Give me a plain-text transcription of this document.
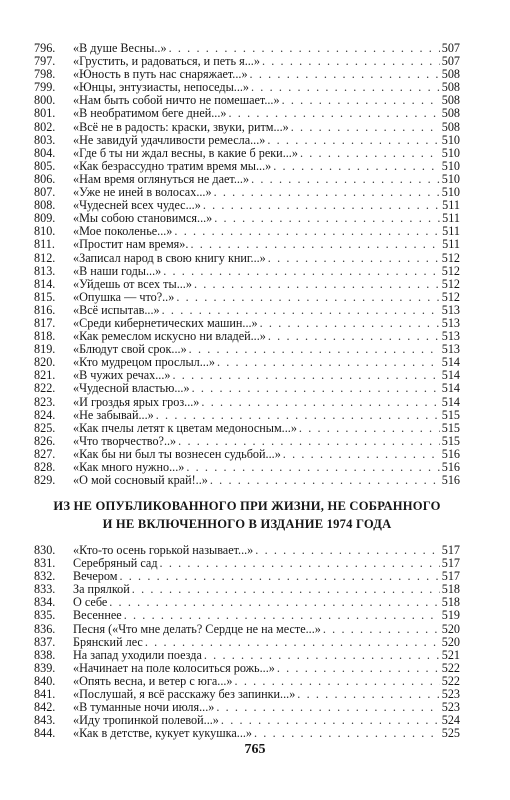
796.	«В душе Весны..» . . .	507
797.	«Грустить, и радоваться, и петь я...» . . .	507
798.	«Юность в путь нас снаряжает...» . . .	508
799.	«Юнцы, энтузиасты, непоседы...» . . .	508
800.	«Нам быть собой ничто не помешает...» . . .	508
801.	«В необратимом беге дней...» . . .	508
802.	«Всё не в радость: краски, звуки, ритм...» . . .	508
803.	«Не завидуй удачливости ремесла...» . . .	510
804.	«Где б ты ни ждал весны, в какие б реки...» . . .	510
805.	«Как безрассудно тратим время мы...» . . .	510
806.	«Нам время оглянуться не дает...» . . .	510
807.	«Уже не иней в волосах...» . . .	510
808.	«Чудесней всех чудес...» . . .	511
809.	«Мы собою становимся...» . . .	511
810.	«Мое поколенье...» . . .	511
811.	«Простит нам время». . . .	511
812.	«Записал народ в свою книгу книг...» . . .	512
813.	«В наши годы...» . . .	512
814.	«Уйдешь от всех ты...» . . .	512
815.	«Опушка — что?..» . . .	512
816.	«Всё испытав...» . . .	513
817.	«Среди кибернетических машин...» . . .	513
818.	«Как ремеслом искусно ни владей...» . . .	513
819.	«Блюдут свой срок...» . . .	513
820.	«Кто мудрецом прослыл...» . . .	514
821.	«В чужих речах...» . . .	514
822.	«Чудесной властью...» . . .	514
823.	«И гроздья ярых гроз...» . . .	514
824.	«Не забывай...» . . .	515
825.	«Как пчелы летят к цветам медоносным...» . . .	515
826.	«Что творчество?..» . . .	515
827.	«Как бы ни был ты вознесен судьбой...» . . .	516
828.	«Как много нужно...» . . .	516
829.	«О мой сосновый край!..» . . .	516
ИЗ НЕ ОПУБЛИКОВАННОГО ПРИ ЖИЗНИ, НЕ СОБРАННОГО
И НЕ ВКЛЮЧЕННОГО В ИЗДАНИЕ 1974 ГОДА
830.	«Кто-то осень горькой называет...» . . .	517
831.	Серебряный сад . . .	517
832.	Вечером . . .	517
833.	За прялкой . . .	518
834.	О себе . . .	518
835.	Весеннее . . .	519
836.	Песня («Что мне делать? Сердце не на месте...» . . .	520
837.	Брянский лес . . .	520
838.	На запад уходили поезда . . .	521
839.	«Начинает на поле колоситься рожь...» . . .	522
840.	«Опять весна, и ветер с юга...» . . .	522
841.	«Послушай, я всё расскажу без запинки...» . . .	523
842.	«В туманные ночи июля...» . . .	523
843.	«Иду тропинкой полевой...» . . .	524
844.	«Как в детстве, кукует кукушка...» . . .	525
765
